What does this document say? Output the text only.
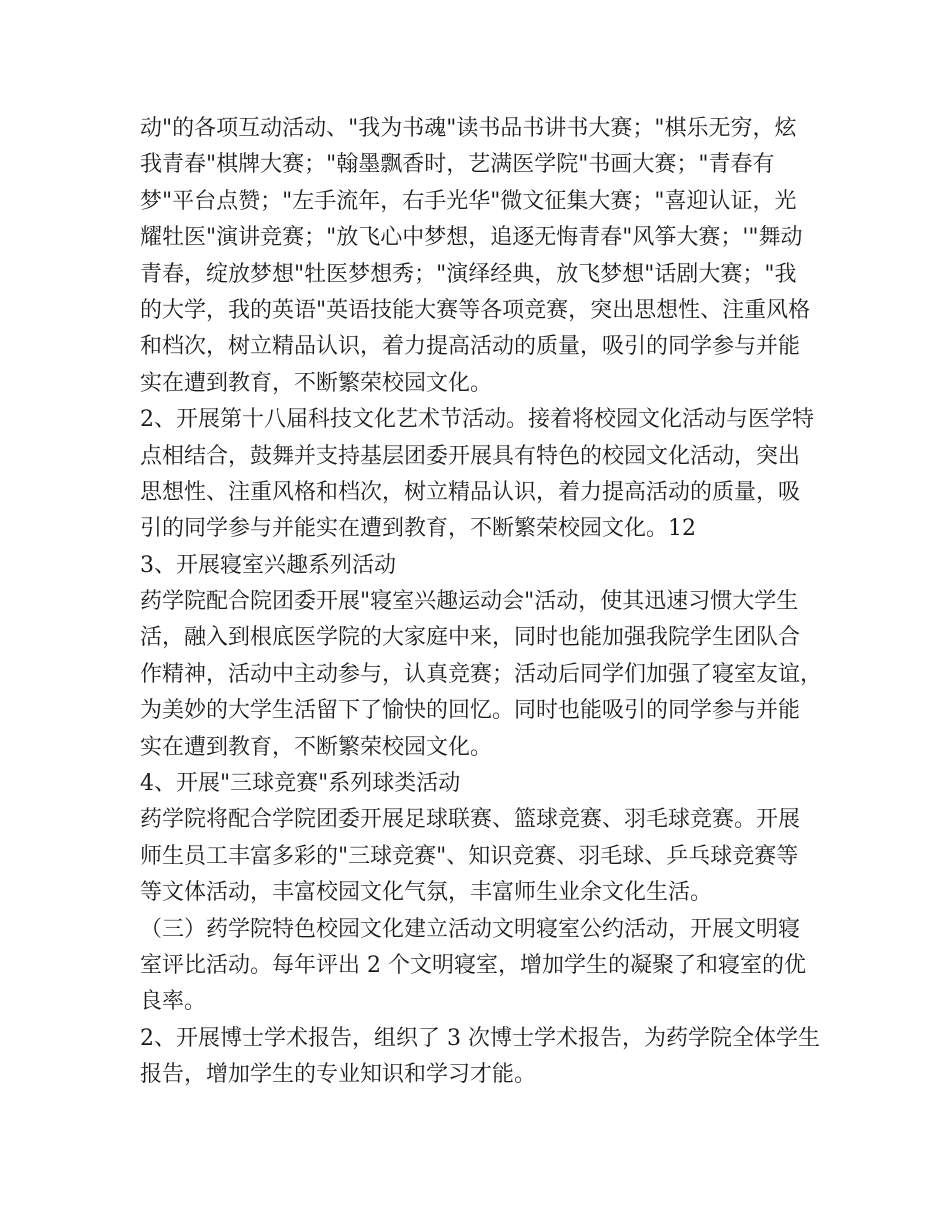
动"的各项互动活动、"我为书魂"读书品书讲书大赛；"棋乐无穷，炫
我青春"棋牌大赛；"翰墨飘香时，艺满医学院"书画大赛；"青春有
梦"平台点赞；"左手流年，右手光华"微文征集大赛；"喜迎认证，光
耀牡医"演讲竞赛；"放飞心中梦想，追逐无悔青春"风筝大赛；'"舞动
青春，绽放梦想"牡医梦想秀；"演绎经典，放飞梦想"话剧大赛；"我
的大学，我的英语"英语技能大赛等各项竞赛，突出思想性、注重风格
和档次，树立精品认识，着力提高活动的质量，吸引的同学参与并能
实在遭到教育，不断繁荣校园文化。
2、开展第十八届科技文化艺术节活动。接着将校园文化活动与医学特
点相结合，鼓舞并支持基层团委开展具有特色的校园文化活动，突出
思想性、注重风格和档次，树立精品认识，着力提高活动的质量，吸
引的同学参与并能实在遭到教育，不断繁荣校园文化。12
3、开展寝室兴趣系列活动
药学院配合院团委开展"寝室兴趣运动会"活动，使其迅速习惯大学生
活，融入到根底医学院的大家庭中来，同时也能加强我院学生团队合
作精神，活动中主动参与，认真竞赛；活动后同学们加强了寝室友谊，
为美妙的大学生活留下了愉快的回忆。同时也能吸引的同学参与并能
实在遭到教育，不断繁荣校园文化。
4、开展"三球竞赛"系列球类活动
药学院将配合学院团委开展足球联赛、篮球竞赛、羽毛球竞赛。开展
师生员工丰富多彩的"三球竞赛"、知识竞赛、羽毛球、乒乓球竞赛等
等文体活动，丰富校园文化气氛，丰富师生业余文化生活。
（三）药学院特色校园文化建立活动文明寝室公约活动，开展文明寝
室评比活动。每年评出 2 个文明寝室，增加学生的凝聚了和寝室的优
良率。
2、开展博士学术报告，组织了 3 次博士学术报告，为药学院全体学生
报告，增加学生的专业知识和学习才能。
